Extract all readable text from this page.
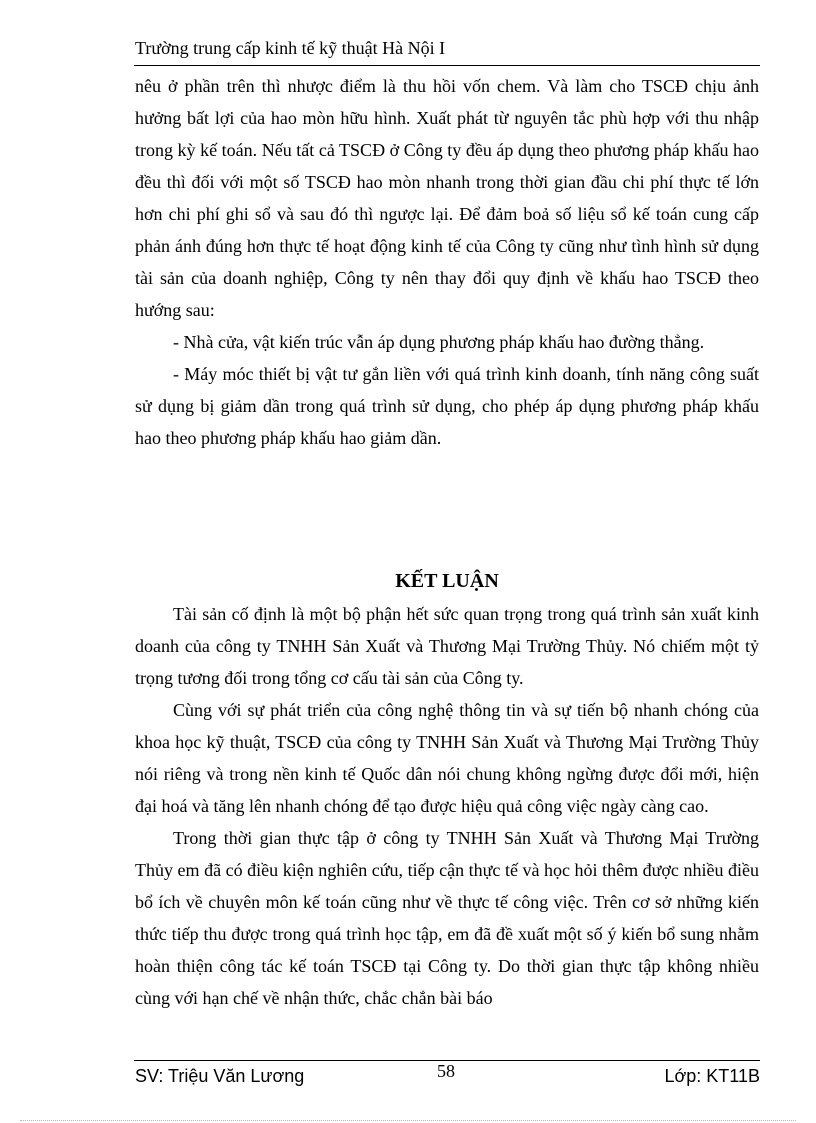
Trường trung cấp kinh tế kỹ thuật Hà Nội I

nêu ở phần trên thì nhược điểm là thu hồi vốn chem. Và làm cho TSCĐ chịu ảnh hưởng bất lợi của hao mòn hữu hình. Xuất phát từ nguyên tắc phù hợp với thu nhập trong kỳ kế toán. Nếu tất cả TSCĐ ở Công ty đều áp dụng theo phương pháp khấu hao đều thì đối với một số TSCĐ hao mòn nhanh trong thời gian đầu chi phí thực tế lớn hơn chi phí ghi sổ và sau đó thì ngược lại. Để đảm boả số liệu sổ kế toán cung cấp phản ánh đúng hơn thực tế hoạt động kinh tế của Công ty cũng như tình hình sử dụng tài sản của doanh nghiệp, Công ty nên thay đổi quy định về khấu hao TSCĐ theo hướng sau:

- Nhà cửa, vật kiến trúc vẫn áp dụng phương pháp khấu hao đường thẳng.

- Máy móc thiết bị vật tư gắn liền với quá trình kinh doanh, tính năng công suất sử dụng bị giảm dần trong quá trình sử dụng, cho phép áp dụng phương pháp khấu hao theo phương pháp khấu hao giảm dần.

KẾT LUẬN

Tài sản cố định là một bộ phận hết sức quan trọng trong quá trình sản xuất kinh doanh của công ty TNHH Sản Xuất và Thương Mại Trường Thủy. Nó chiếm một tỷ trọng tương đối trong tổng cơ cấu tài sản của Công ty.

Cùng với sự phát triển của công nghệ thông tin và sự tiến bộ nhanh chóng của khoa học kỹ thuật, TSCĐ của công ty TNHH Sản Xuất và Thương Mại Trường Thủy nói riêng và trong nền kinh tế Quốc dân nói chung không ngừng được đổi mới, hiện đại hoá và tăng lên nhanh chóng để tạo được hiệu quả công việc ngày càng cao.

Trong thời gian thực tập ở công ty TNHH Sản Xuất và Thương Mại Trường Thủy em đã có điều kiện nghiên cứu, tiếp cận thực tế và học hỏi thêm được nhiều điều bổ ích về chuyên môn kế toán cũng như về thực tế công việc. Trên cơ sở những kiến thức tiếp thu được trong quá trình học tập, em đã đề xuất một số ý kiến bổ sung nhằm hoàn thiện công tác kế toán TSCĐ tại Công ty. Do thời gian thực tập không nhiều cùng với hạn chế về nhận thức, chắc chắn bài báo

SV: Triệu Văn Lương	58	Lớp: KT11B
